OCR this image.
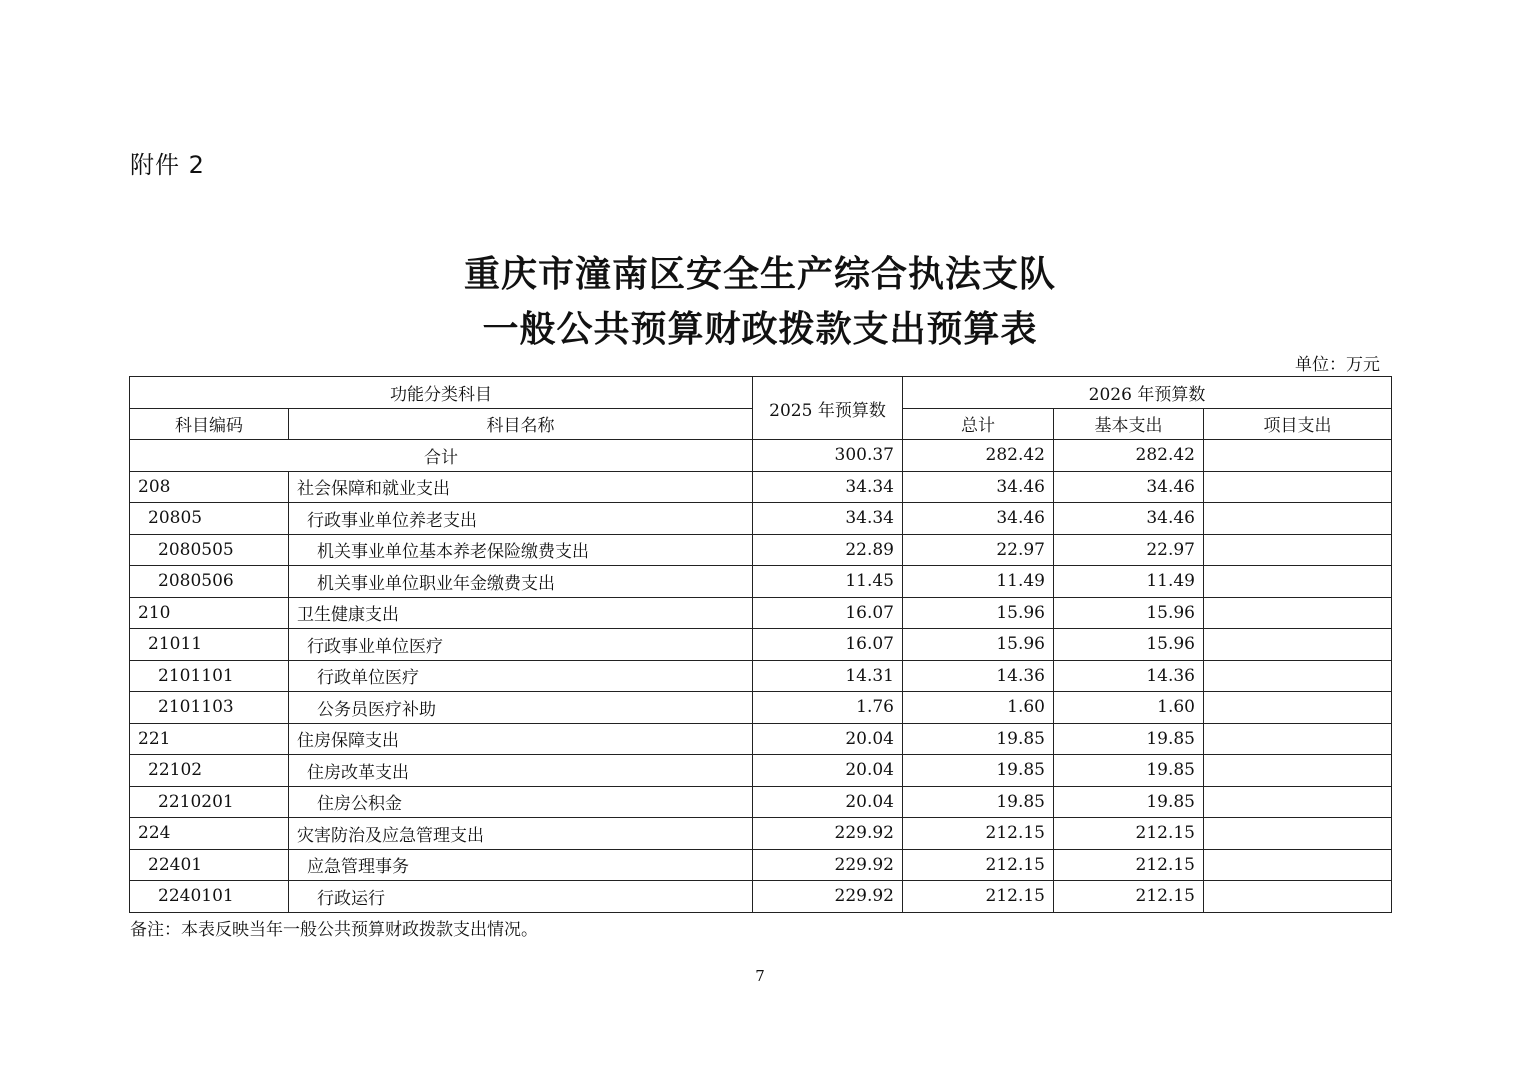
附件 2
重庆市潼南区安全生产综合执法支队
一般公共预算财政拨款支出预算表
单位：万元
功能分类科目		2025 年预算数	2026 年预算数		
科目编码	科目名称		总计	基本支出	项目支出
合计		300.37	282.42	282.42	
208	社会保障和就业支出	34.34	34.46	34.46	
20805	行政事业单位养老支出	34.34	34.46	34.46	
2080505	机关事业单位基本养老保险缴费支出	22.89	22.97	22.97	
2080506	机关事业单位职业年金缴费支出	11.45	11.49	11.49	
210	卫生健康支出	16.07	15.96	15.96	
21011	行政事业单位医疗	16.07	15.96	15.96	
2101101	行政单位医疗	14.31	14.36	14.36	
2101103	公务员医疗补助	1.76	1.60	1.60	
221	住房保障支出	20.04	19.85	19.85	
22102	住房改革支出	20.04	19.85	19.85	
2210201	住房公积金	20.04	19.85	19.85	
224	灾害防治及应急管理支出	229.92	212.15	212.15	
22401	应急管理事务	229.92	212.15	212.15	
2240101	行政运行	229.92	212.15	212.15	
备注：本表反映当年一般公共预算财政拨款支出情况。
7
